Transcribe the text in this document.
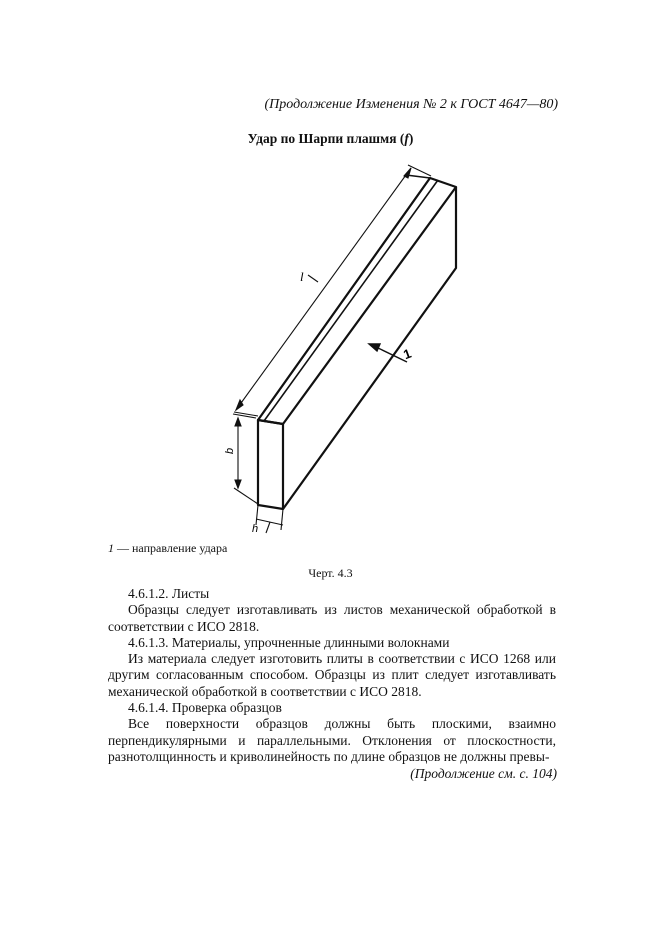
(Продолжение Изменения № 2 к ГОСТ 4647—80)
Удар по Шарпи плашмя (f)
l
b
h
1
1 — направление удара
Черт. 4.3

4.6.1.2. Листы

Образцы следует изготавливать из листов механической обработкой в соответствии с ИСО 2818.

4.6.1.3. Материалы, упрочненные длинными волокнами

Из материала следует изготовить плиты в соответствии с ИСО 1268 или другим согласованным способом. Образцы из плит следует изготавливать механической обработкой в соответствии с ИСО 2818.

4.6.1.4. Проверка образцов

Все поверхности образцов должны быть плоскими, взаимно перпендикулярными и параллельными. Отклонения от плоскостности, разнотолщинность и криволинейность по длине образцов не должны превы-

(Продолжение см. с. 104)
